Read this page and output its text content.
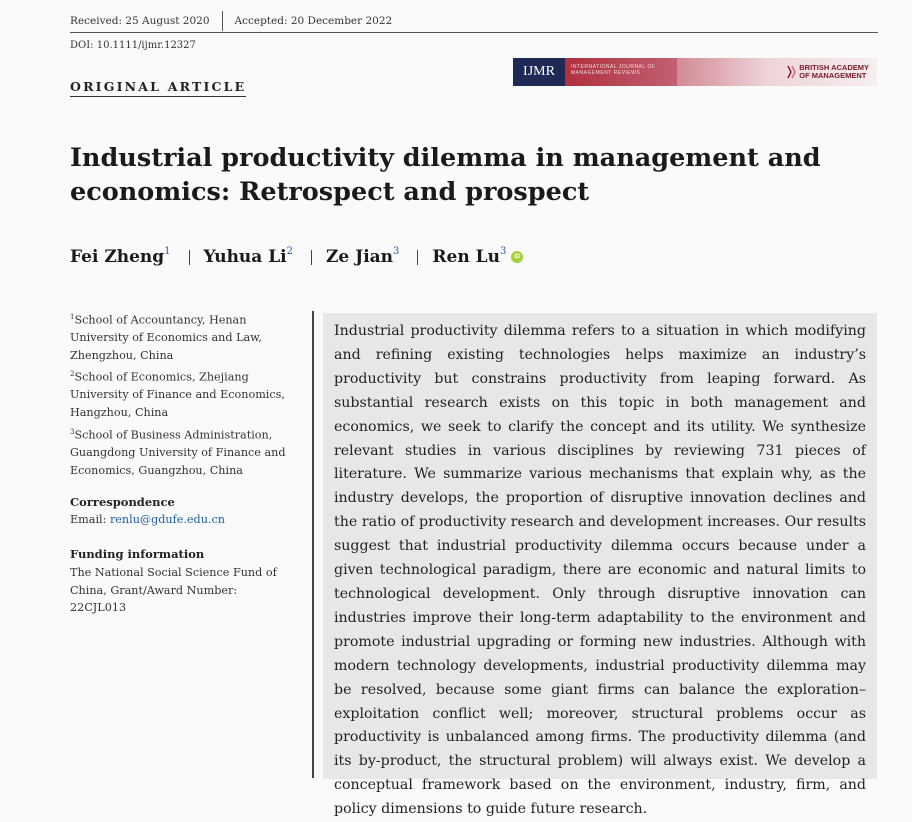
Received: 25 August 2020 Accepted: 20 December 2022
DOI: 10.1111/ijmr.12327
ORIGINAL ARTICLE
IJMR	INTERNATIONAL JOURNAL OF MANAGEMENT REVIEWS
BRITISH ACADEMY
OF MANAGEMENT
Industrial productivity dilemma in management and economics: Retrospect and prospect
Fei Zheng$^1$ Yuhua Li$^2$ Ze Jian$^3$ Ren Lu$^3$	iD
$^1$School of Accountancy, Henan University of Economics and Law, Zhengzhou, China
$^2$School of Economics, Zhejiang University of Finance and Economics, Hangzhou, China
$^3$School of Business Administration, Guangdong University of Finance and Economics, Guangzhou, China
Correspondence
Email: renlu@gdufe.edu.cn
Funding information
The National Social Science Fund of China, Grant/Award Number: 22CJL013
Industrial productivity dilemma refers to a situation in which modifying and refining existing technologies helps maximize an industry’s productivity but constrains productivity from leaping forward. As substantial research exists on this topic in both management and economics, we seek to clarify the concept and its utility. We synthesize relevant studies in various disciplines by reviewing 731 pieces of literature. We summarize various mechanisms that explain why, as the industry develops, the proportion of disruptive innovation declines and the ratio of productivity research and development increases. Our results suggest that industrial productivity dilemma occurs because under a given technological paradigm, there are economic and natural limits to technological development. Only through disruptive innovation can industries improve their long-term adaptability to the environment and promote industrial upgrading or forming new industries. Although with modern technology developments, industrial productivity dilemma may be resolved, because some giant firms can balance the exploration–exploitation conflict well; moreover, structural problems occur as productivity is unbalanced among firms. The productivity dilemma (and its by-product, the structural problem) will always exist. We develop a conceptual framework based on the environment, industry, firm, and policy dimensions to guide future research.
